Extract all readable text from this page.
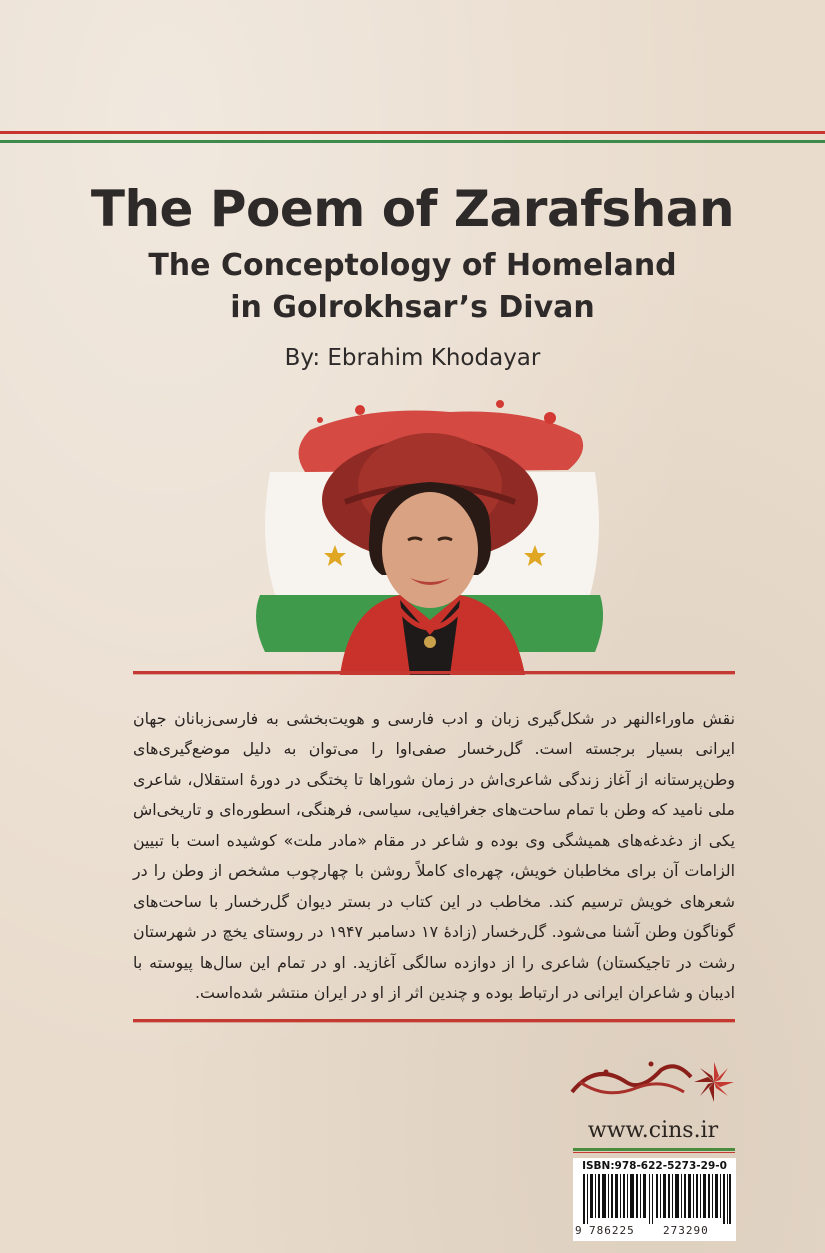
The Poem of Zarafshan
The Conceptology of Homeland
in Golrokhsar’s Divan
By: Ebrahim Khodayar

نقش ماوراءالنهر در شکل‌گیری زبان و ادب فارسی و هویت‌بخشی به فارسی‌زبانان جهان ایرانی بسیار برجسته است. گل‌رخسار صفی‌اوا را می‌توان به دلیل موضع‌گیری‌های وطن‌پرستانه از آغاز زندگی شاعری‌اش در زمان شوراها تا پختگی در دورهٔ استقلال، شاعری ملی نامید که وطن با تمام ساحت‌های جغرافیایی، سیاسی، فرهنگی، اسطوره‌ای و تاریخی‌اش یکی از دغدغه‌های همیشگی وی بوده و شاعر در مقام «مادر ملت» کوشیده است با تبیین الزامات آن برای مخاطبان خویش، چهره‌ای کاملاً روشن با چهارچوب مشخص از وطن را در شعرهای خویش ترسیم کند. مخاطب در این کتاب در بستر دیوان گل‌رخسار با ساحت‌های گوناگون وطن آشنا می‌شود. گل‌رخسار (زادهٔ ۱۷ دسامبر ۱۹۴۷ در روستای یخچ در شهرستان رشت در تاجیکستان) شاعری را از دوازده سالگی آغازید. او در تمام این سال‌ها پیوسته با ادیبان و شاعران ایرانی در ارتباط بوده و چندین اثر از او در ایران منتشر شده‌است.

www.cins.ir
ISBN:978-622-5273-29-0
9 786225	273290
